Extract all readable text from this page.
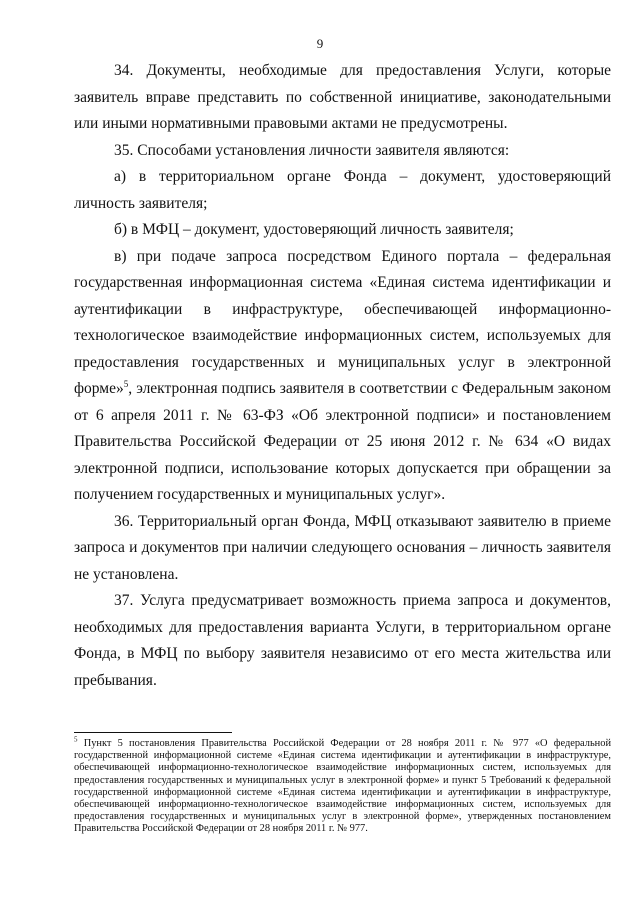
9

34. Документы, необходимые для предоставления Услуги, которые заявитель вправе представить по собственной инициативе, законодательными или иными нормативными правовыми актами не предусмотрены.

35. Способами установления личности заявителя являются:

а) в территориальном органе Фонда – документ, удостоверяющий личность заявителя;

б) в МФЦ – документ, удостоверяющий личность заявителя;

в) при подаче запроса посредством Единого портала – федеральная государственная информационная система «Единая система идентификации и аутентификации в инфраструктуре, обеспечивающей информационно-технологическое взаимодействие информационных систем, используемых для предоставления государственных и муниципальных услуг в электронной форме»$^5$, электронная подпись заявителя в соответствии с Федеральным законом от 6 апреля 2011 г. № 63-ФЗ «Об электронной подписи» и постановлением Правительства Российской Федерации от 25 июня 2012 г. № 634 «О видах электронной подписи, использование которых допускается при обращении за получением государственных и муниципальных услуг».

36. Территориальный орган Фонда, МФЦ отказывают заявителю в приеме запроса и документов при наличии следующего основания – личность заявителя не установлена.

37. Услуга предусматривает возможность приема запроса и документов, необходимых для предоставления варианта Услуги, в территориальном органе Фонда, в МФЦ по выбору заявителя независимо от его места жительства или пребывания.

$^5$ Пункт 5 постановления Правительства Российской Федерации от 28 ноября 2011 г. № 977 «О федеральной государственной информационной системе «Единая система идентификации и аутентификации в инфраструктуре, обеспечивающей информационно-технологическое взаимодействие информационных систем, используемых для предоставления государственных и муниципальных услуг в электронной форме» и пункт 5 Требований к федеральной государственной информационной системе «Единая система идентификации и аутентификации в инфраструктуре, обеспечивающей информационно-технологическое взаимодействие информационных систем, используемых для предоставления государственных и муниципальных услуг в электронной форме», утвержденных постановлением Правительства Российской Федерации от 28 ноября 2011 г. № 977.
